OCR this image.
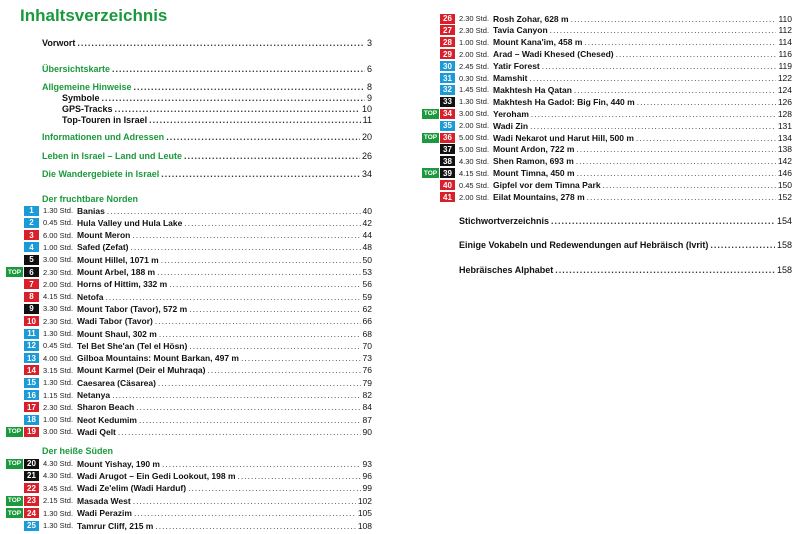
Inhaltsverzeichnis
Vorwort .....	3
Übersichtskarte .....	6
Allgemeine Hinweise .....	8
Symbole .....	9
GPS-Tracks .....	10
Top-Touren in Israel .....	11
Informationen und Adressen .....	20
Leben in Israel – Land und Leute .....	26
Die Wandergebiete in Israel .....	34
Der fruchtbare Norden
1	1.30 Std. Banias .....	40
2	0.45 Std. Hula Valley und Hula Lake .....	42
3	6.00 Std. Mount Meron .....	44
4	1.00 Std. Safed (Zefat) .....	48
5	3.00 Std. Mount Hillel, 1071 m .....	50
TOP	6	2.30 Std. Mount Arbel, 188 m .....	53
7	2.00 Std. Horns of Hittim, 332 m .....	56
8	4.15 Std. Netofa .....	59
9	3.30 Std. Mount Tabor (Tavor), 572 m .....	62
10 2.30 Std. Wadi Tabor (Tavor) .....	66
11 1.30 Std. Mount Shaul, 302 m .....	68
12 0.45 Std. Tel Bet She'an (Tel el Hösn) .....	70
13 4.00 Std. Gilboa Mountains: Mount Barkan, 497 m .....	73
14 3.15 Std. Mount Karmel (Deir el Muhraqa) .....	76
15 1.30 Std. Caesarea (Cäsarea) .....	79
16 1.15 Std. Netanya .....	82
17 2.30 Std. Sharon Beach .....	84
18 1.00 Std. Neot Kedumim .....	87
TOP 19 3.00 Std. Wadi Qelt .....	90
Der heiße Süden
TOP 20 4.30 Std. Mount Yishay, 190 m .....	93
21 4.30 Std. Wadi Arugot – Ein Gedi Lookout, 198 m .....	96
22 3.45 Std. Wadi Ze'elim (Wadi Harduf) .....	99
TOP 23 2.15 Std. Masada West .....	102
TOP 24 1.30 Std. Wadi Perazim .....	105
25 1.30 Std. Tamrur Cliff, 215 m .....	108
26 2.30 Std. Rosh Zohar, 628 m .....	110
27 2.30 Std. Tavia Canyon .....	112
28 1.00 Std. Mount Kana'im, 458 m .....	114
29 2.00 Std. Arad – Wadi Khesed (Chesed) .....	116
30 2.45 Std. Yatir Forest .....	119
31 0.30 Std. Mamshit .....	122
32 1.45 Std. Makhtesh Ha Qatan .....	124
33 1.30 Std. Makhtesh Ha Gadol: Big Fin, 440 m .....	126
TOP 34 3.00 Std. Yeroham .....	128
35 2.00 Std. Wadi Zin .....	131
TOP 36 5.00 Std. Wadi Nekarot und Harut Hill, 500 m .....	134
37 5.00 Std. Mount Ardon, 722 m .....	138
38 4.30 Std. Shen Ramon, 693 m .....	142
TOP 39 4.15 Std. Mount Timna, 450 m .....	146
40 0.45 Std. Gipfel vor dem Timna Park .....	150
41 2.00 Std. Eilat Mountains, 278 m .....	152
Stichwortverzeichnis .....	154
Einige Vokabeln und Redewendungen auf Hebräisch (Ivrit) .....	158
Hebräisches Alphabet .....	158
